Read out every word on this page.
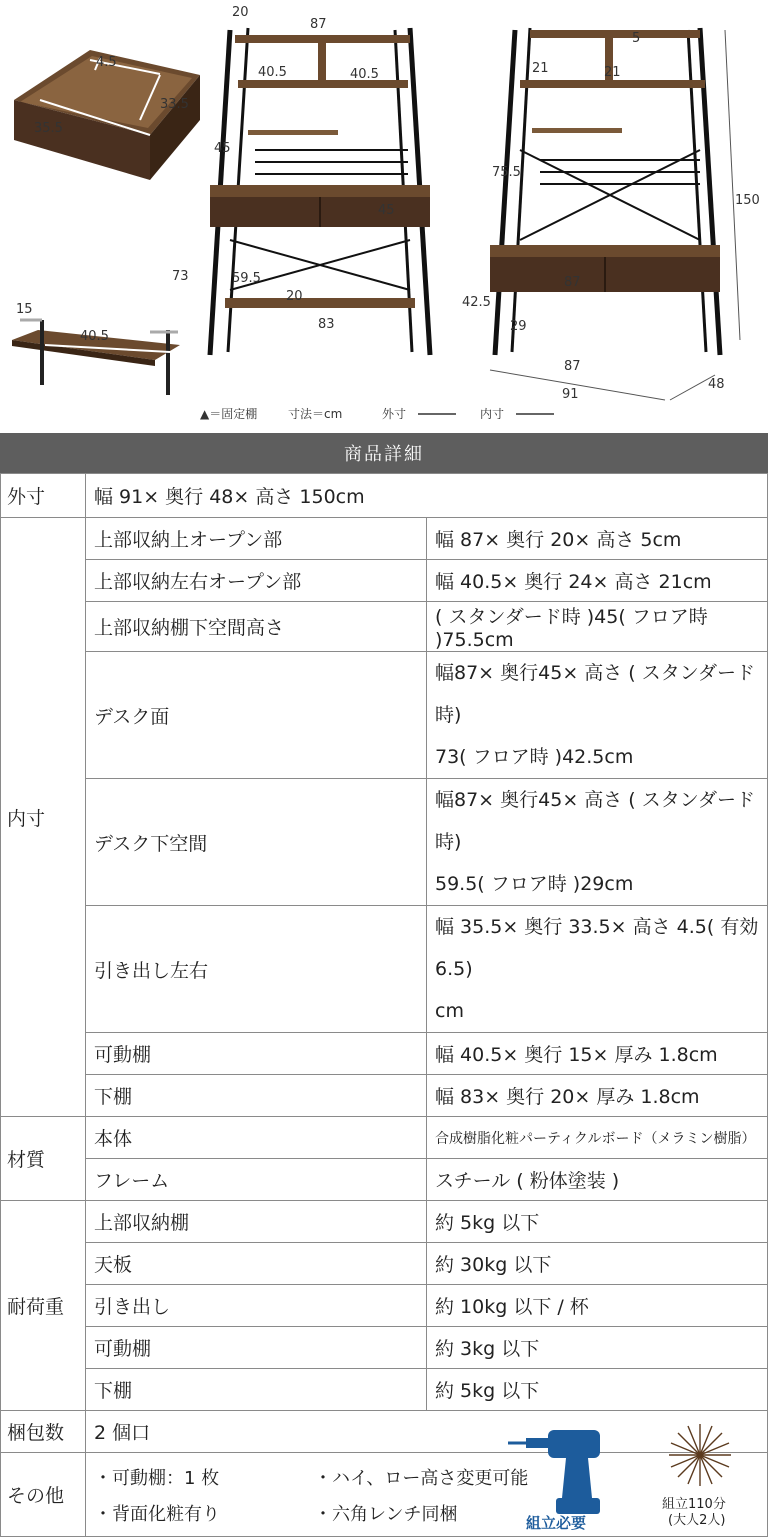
4.5
33.5
35.5
15
40.5
20
87
40.5	40.5
45
45
73	59.5
20
83
5
21	21
75.5
150
87
42.5
29
87
91
48
▲＝固定棚	寸法＝cm	外寸	内寸
商品詳細
外寸	幅 91× 奥行 48× 高さ 150cm	
内寸	上部収納上オープン部	幅 87× 奥行 20× 高さ 5cm
	上部収納左右オープン部	幅 40.5× 奥行 24× 高さ 21cm
	上部収納棚下空間高さ	( スタンダード時 )45( フロア時 )75.5cm
	デスク面	幅87× 奥行45× 高さ ( スタンダード時)
73( フロア時 )42.5cm

	デスク下空間	幅87× 奥行45× 高さ ( スタンダード時)
59.5( フロア時 )29cm

	引き出し左右	幅 35.5× 奥行 33.5× 高さ 4.5( 有効 6.5)
cm

	可動棚	幅 40.5× 奥行 15× 厚み 1.8cm
	下棚	幅 83× 奥行 20× 厚み 1.8cm
材質	本体	合成樹脂化粧パーティクルボード（メラミン樹脂）
	フレーム	スチール ( 粉体塗装 )
耐荷重	上部収納棚	約 5kg 以下
	天板	約 30kg 以下
	引き出し	約 10kg 以下 / 杯
	可動棚	約 3kg 以下
	下棚	約 5kg 以下
梱包数	2 個口	
その他	・可動棚：1 枚 ・ハイ、ロー高さ変更可能
・背面化粧有り ・六角レンチ同梱		組立必要
組立110分
(大人2人)
